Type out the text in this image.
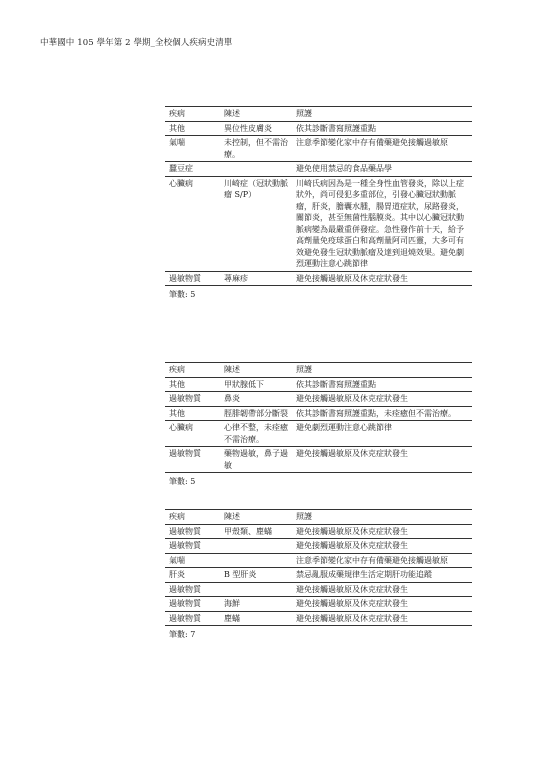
中華國中 105 學年第 2 學期_全校個人疾病史清單
疾病	陳述	照護
其他	異位性皮膚炎	依其診斷書寫照護重點
氣喘	未控制，但不需治療。	注意季節變化家中存有備藥避免接觸過敏原
蠶豆症		避免使用禁忌的食品藥品學
心臟病	川崎症（冠狀動脈瘤 S/P）	川崎氏病因為是一種全身性血管發炎，除以上症狀外，尚可侵犯多重部位，引發心臟冠狀動脈瘤，肝炎，膽囊水腫，腸胃道症狀，尿路發炎，關節炎，甚至無菌性腦膜炎。其中以心臟冠狀動脈病變為最嚴重併發症。急性發作前十天，給予高劑量免疫球蛋白和高劑量阿司匹靈，大多可有效避免發生冠狀動脈瘤及達到退燒效果。避免劇烈運動注意心跳節律
過敏物質	蕁麻疹	避免接觸過敏原及休克症狀發生
筆數: 5
疾病	陳述	照護
其他	甲狀腺低下	依其診斷書寫照護重點
過敏物質	鼻炎	避免接觸過敏原及休克症狀發生
其他	脛腓韌帶部分斷裂	依其診斷書寫照護重點，未痊癒但不需治療。
心臟病	心律不整，未痊癒不需治療。	避免劇烈運動注意心跳節律
過敏物質	藥物過敏，鼻子過敏	避免接觸過敏原及休克症狀發生
筆數: 5
疾病	陳述	照護
過敏物質	甲殼類、塵蟎	避免接觸過敏原及休克症狀發生
過敏物質		避免接觸過敏原及休克症狀發生
氣喘		注意季節變化家中存有備藥避免接觸過敏原
肝炎	B 型肝炎	禁忌亂服成藥規律生活定期肝功能追蹤
過敏物質		避免接觸過敏原及休克症狀發生
過敏物質	海鮮	避免接觸過敏原及休克症狀發生
過敏物質	塵蟎	避免接觸過敏原及休克症狀發生
筆數: 7
